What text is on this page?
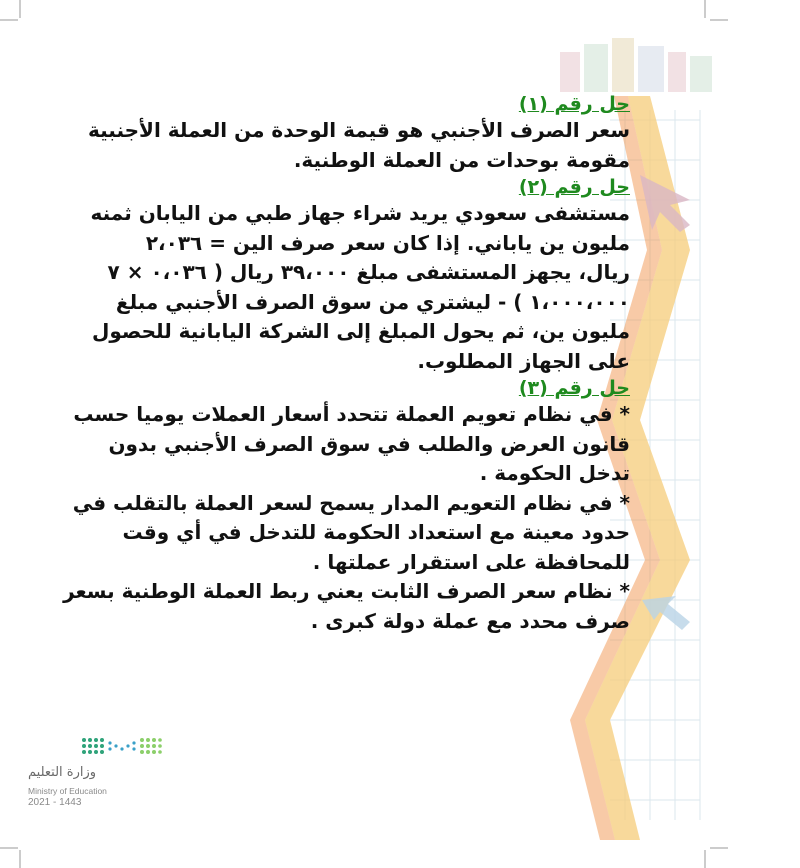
حل رقم (١)
سعر الصرف الأجنبي هو قيمة الوحدة من العملة الأجنبية
مقومة بوحدات من العملة الوطنية.
حل رقم (٢)
مستشفى سعودي يريد شراء جهاز طبي من اليابان ثمنه
مليون ين ياباني. إذا كان سعر صرف الين = ٢،٠٣٦
ريال، يجهز المستشفى مبلغ ٣٩،٠٠٠ ريال ( ٠،٠٣٦ × ٧
١،٠٠٠،٠٠٠ ) - ليشتري من سوق الصرف الأجنبي مبلغ
مليون ين، ثم يحول المبلغ إلى الشركة اليابانية للحصول
على الجهاز المطلوب.
حل رقم (٣)
* في نظام تعويم العملة تتحدد أسعار العملات يوميا حسب
قانون العرض والطلب في سوق الصرف الأجنبي بدون
تدخل الحكومة .
* في نظام التعويم المدار يسمح لسعر العملة بالتقلب في
حدود معينة مع استعداد الحكومة للتدخل في أي وقت
للمحافظة على استقرار عملتها .
* نظام سعر الصرف الثابت يعني ربط العملة الوطنية بسعر
صرف محدد مع عملة دولة كبرى .
وزارة التعليم
Ministry of Education
2021 - 1443
